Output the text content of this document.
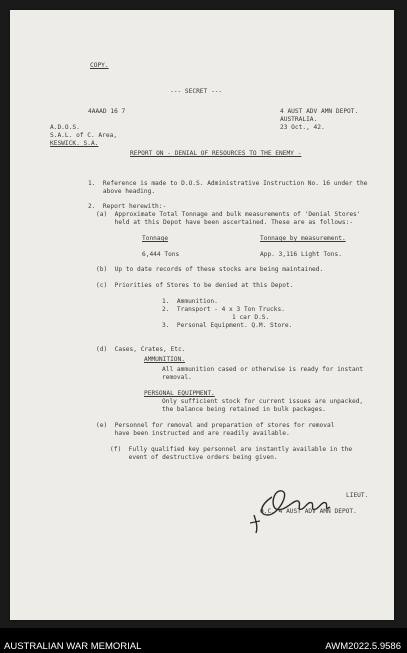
COPY.
--- SECRET ---
4AAAD 16 7	4 AUST ADV AMN DEPOT.
AUSTRALIA.
23 Oct., 42.
A.D.O.S.
S.A.L. of C. Area,
KESWICK. S.A.
REPORT ON - DENIAL OF RESOURCES TO THE ENEMY -
1.  Reference is made to D.O.S. Administrative Instruction No. 16 under the
above heading.
2.  Report herewith:-
(a)  Approximate Total Tonnage and bulk measurements of 'Denial Stores'
held at this Depot have been ascertained. These are as follows:-
Tonnage	Tonnage by measurement.
6,444 Tons	App. 3,116 Light Tons.
(b)  Up to date records of these stocks are being maintained.
(c)  Priorities of Stores to be denied at this Depot.
1.  Ammunition.
2.  Transport - 4 x 3 Ton Trucks.
1 car D.S.
3.  Personal Equipment. Q.M. Store.
(d)  Cases, Crates, Etc.
AMMUNITION.
All ammunition cased or otherwise is ready for instant
removal.
PERSONAL EQUIPMENT.
Only sufficient stock for current issues are unpacked,
the balance being retained in bulk packages.
(e)  Personnel for removal and preparation of stores for removal
have been instructed and are readily available.
(f)  Fully qualified key personnel are instantly available in the
event of destructive orders being given.
LIEUT.
O.C. 4 AUST ADV AMN DEPOT.
AUSTRALIAN WAR MEMORIAL	AWM2022.5.9586
